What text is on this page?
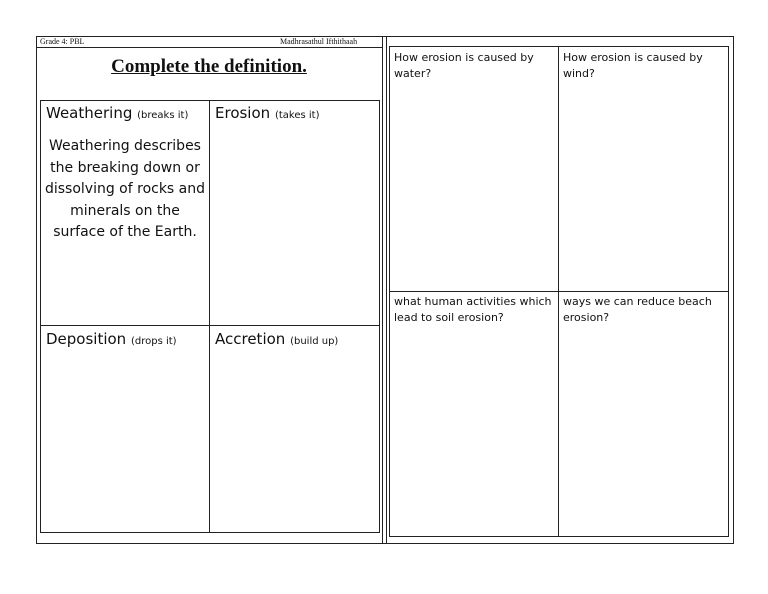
Grade 4: PBL	Madhrasathul Ifthithaah
Complete the definition.
Weathering (breaks it)
Weathering describes the breaking down or dissolving of rocks and minerals on the surface of the Earth.
Erosion (takes it)
Deposition (drops it)	Accretion (build up)
How erosion is caused by water?
How erosion is caused by wind?
what human activities which lead to soil erosion?
ways we can reduce beach erosion?
